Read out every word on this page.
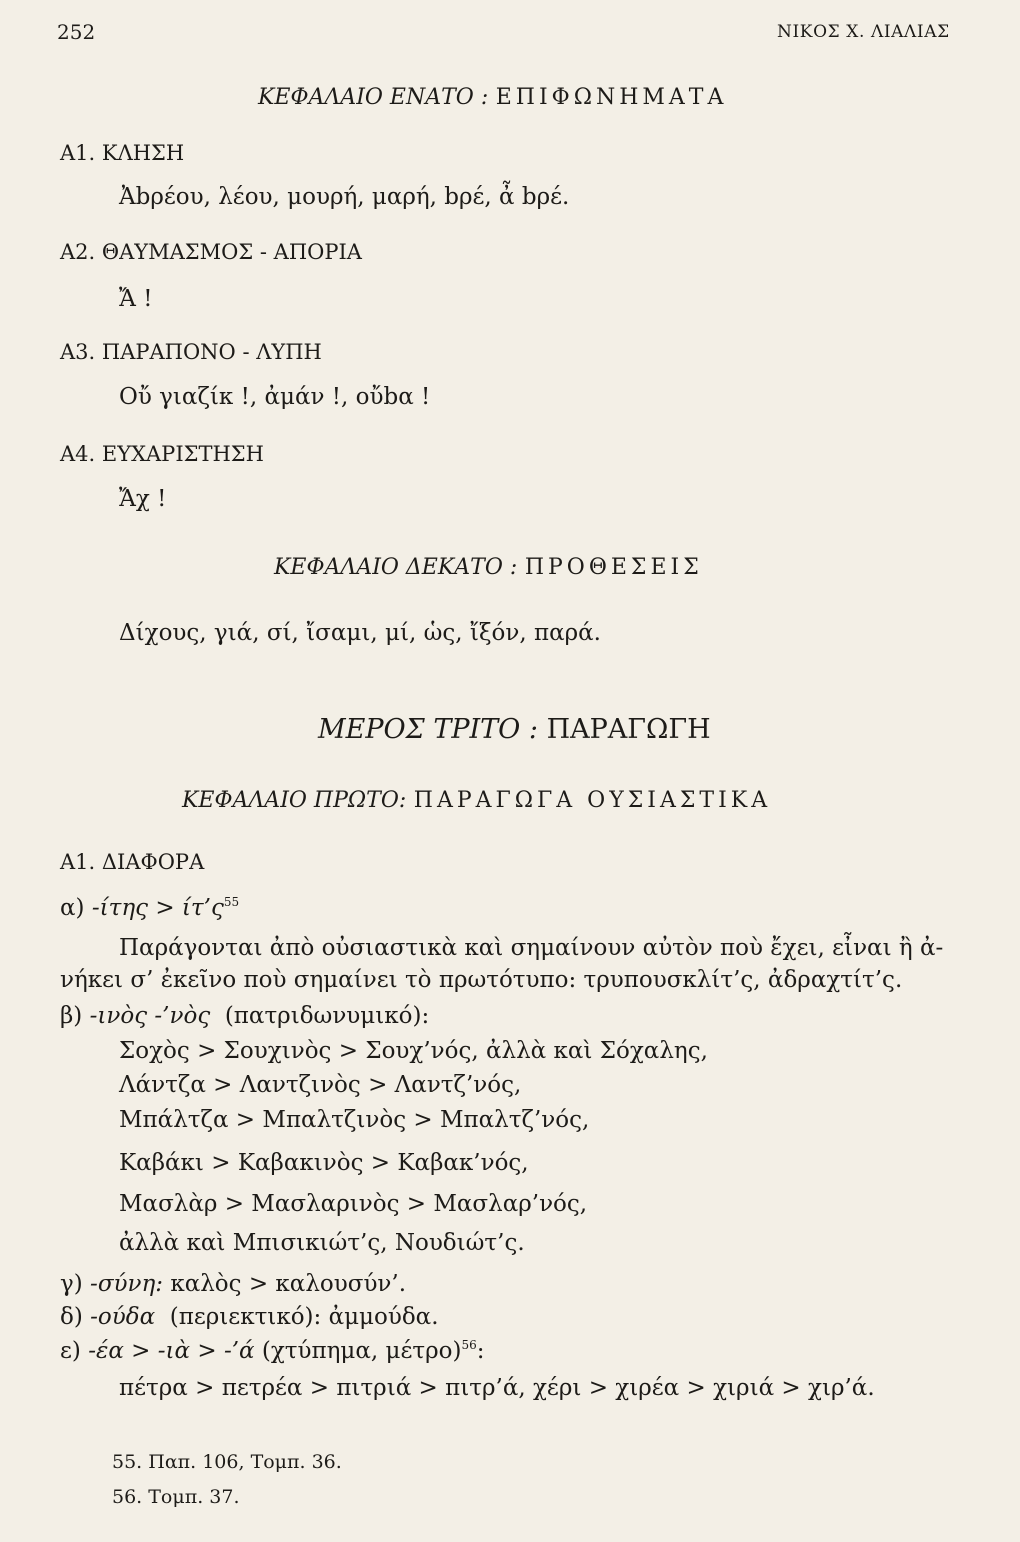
252	ΝΙΚΟΣ Χ. ΛΙΑΛΙΑΣ
ΚΕΦΑΛΑΙΟ ΕΝΑΤΟ : ΕΠΙΦΩΝΗΜΑΤΑ
Α1. ΚΛΗΣΗ
Ἀbρέου, λέου, μουρή, μαρή, bρέ, ἆ bρέ.
Α2. ΘΑΥΜΑΣΜΟΣ - ΑΠΟΡΙΑ
Ἄ !
Α3. ΠΑΡΑΠΟΝΟ - ΛΥΠΗ
Οὔ γιαζίκ !, ἀμάν !, οὔbα !
Α4. ΕΥΧΑΡΙΣΤΗΣΗ
Ἄχ !
ΚΕΦΑΛΑΙΟ ΔΕΚΑΤΟ : ΠΡΟΘΕΣΕΙΣ
Δίχους, γιά, σί, ἴσαμι, μί, ὡς, ἴξόν, παρά.
ΜΕΡΟΣ ΤΡΙΤΟ : ΠΑΡΑΓΩΓΗ
ΚΕΦΑΛΑΙΟ ΠΡΩΤΟ: ΠΑΡΑΓΩΓΑ ΟΥΣΙΑΣΤΙΚΑ
Α1. ΔΙΑΦΟΡΑ
α) $-ί\tau\eta\varsigma > ί\tau’\varsigma^{55}$
Παράγονται ἀπὸ οὐσιαστικὰ καὶ σημαίνουν αὐτὸν ποὺ ἔχει, εἶναι ἢ ἀ-
νήκει σ’ ἐκεῖνο ποὺ σημαίνει τὸ πρωτότυπο: τρυπουσκλίτ’ς, ἀδραχτίτ’ς.
β) -ινὸς -’νὸς (πατριδωνυμικό):
Σοχὸς > Σουχινὸς > Σουχ’νός, ἀλλὰ καὶ Σόχαλης,
Λάντζα > Λαντζινὸς > Λαντζ’νός,
Μπάλτζα > Μπαλτζινὸς > Μπαλτζ’νός,
Καβάκι > Καβακινὸς > Καβακ’νός,
Μασλὰρ > Μασλαρινὸς > Μασλαρ’νός,
ἀλλὰ καὶ Μπισικιώτ’ς, Νουδιώτ’ς.
γ) -σύνη: καλὸς > καλουσύν’.
δ) -ούδα (περιεκτικό): ἀμμούδα.
ε) -έα > -ιὰ > -’ά (χτύπημα, μέτρο)$^{56}$:
πέτρα > πετρέα > πιτριά > πιτρ’ά, χέρι > χιρέα > χιριά > χιρ’ά.
55. Παπ. 106, Τομπ. 36.
56. Τομπ. 37.
